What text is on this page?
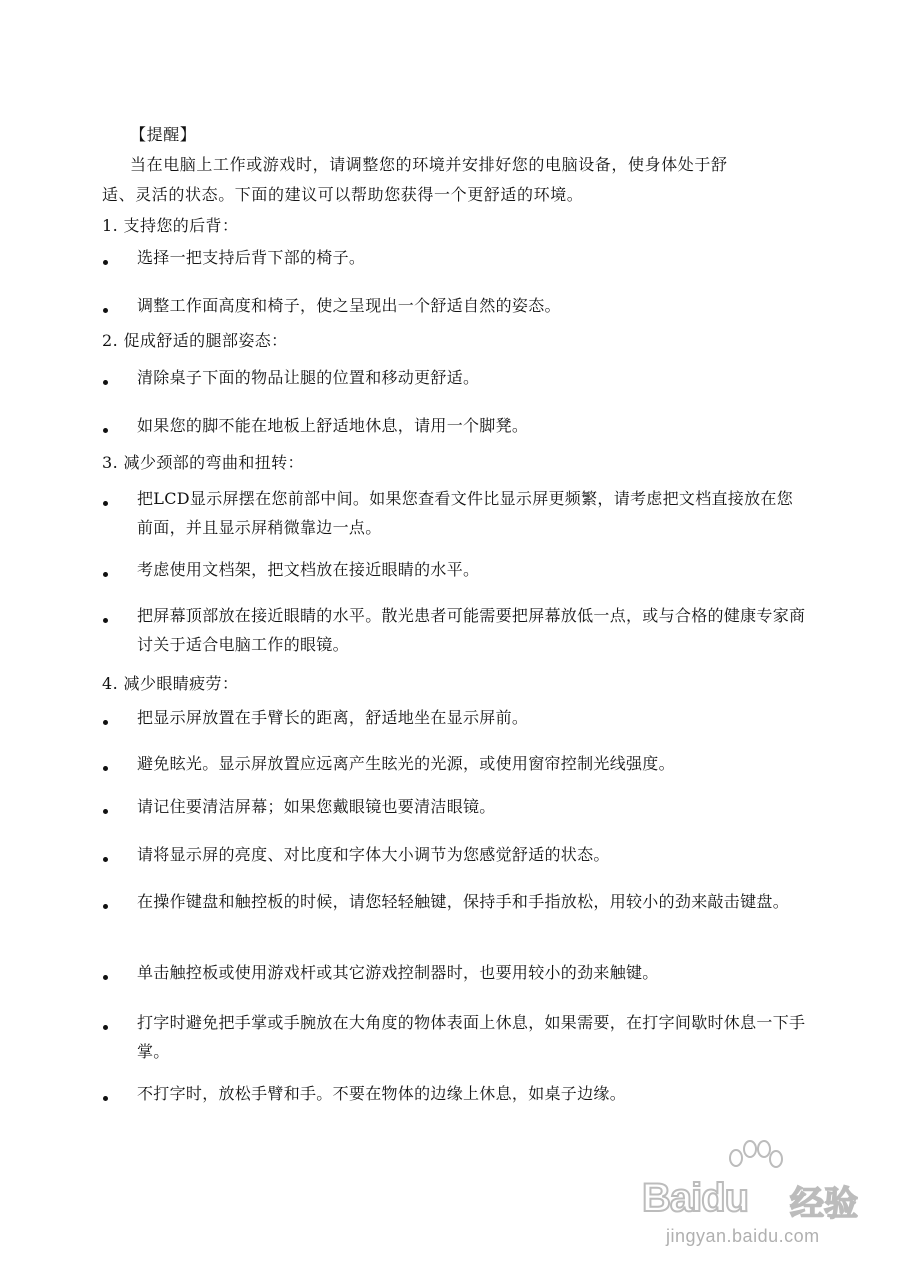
【提醒】
当在电脑上工作或游戏时，请调整您的环境并安排好您的电脑设备，使身体处于舒
适、灵活的状态。下面的建议可以帮助您获得一个更舒适的环境。
1. 支持您的后背：
选择一把支持后背下部的椅子。
调整工作面高度和椅子，使之呈现出一个舒适自然的姿态。
2. 促成舒适的腿部姿态：
清除桌子下面的物品让腿的位置和移动更舒适。
如果您的脚不能在地板上舒适地休息，请用一个脚凳。
3. 减少颈部的弯曲和扭转：
把LCD显示屏摆在您前部中间。如果您查看文件比显示屏更频繁，请考虑把文档直接放在您前面，并且显示屏稍微靠边一点。
考虑使用文档架，把文档放在接近眼睛的水平。
把屏幕顶部放在接近眼睛的水平。散光患者可能需要把屏幕放低一点，或与合格的健康专家商讨关于适合电脑工作的眼镜。
4. 减少眼睛疲劳：
把显示屏放置在手臂长的距离，舒适地坐在显示屏前。
避免眩光。显示屏放置应远离产生眩光的光源，或使用窗帘控制光线强度。
请记住要清洁屏幕；如果您戴眼镜也要清洁眼镜。
请将显示屏的亮度、对比度和字体大小调节为您感觉舒适的状态。
在操作键盘和触控板的时候，请您轻轻触键，保持手和手指放松，用较小的劲来敲击键盘。
单击触控板或使用游戏杆或其它游戏控制器时，也要用较小的劲来触键。
打字时避免把手掌或手腕放在大角度的物体表面上休息，如果需要，在打字间歇时休息一下手掌。
不打字时，放松手臂和手。不要在物体的边缘上休息，如桌子边缘。
Baidu 经验
jingyan.baidu.com
